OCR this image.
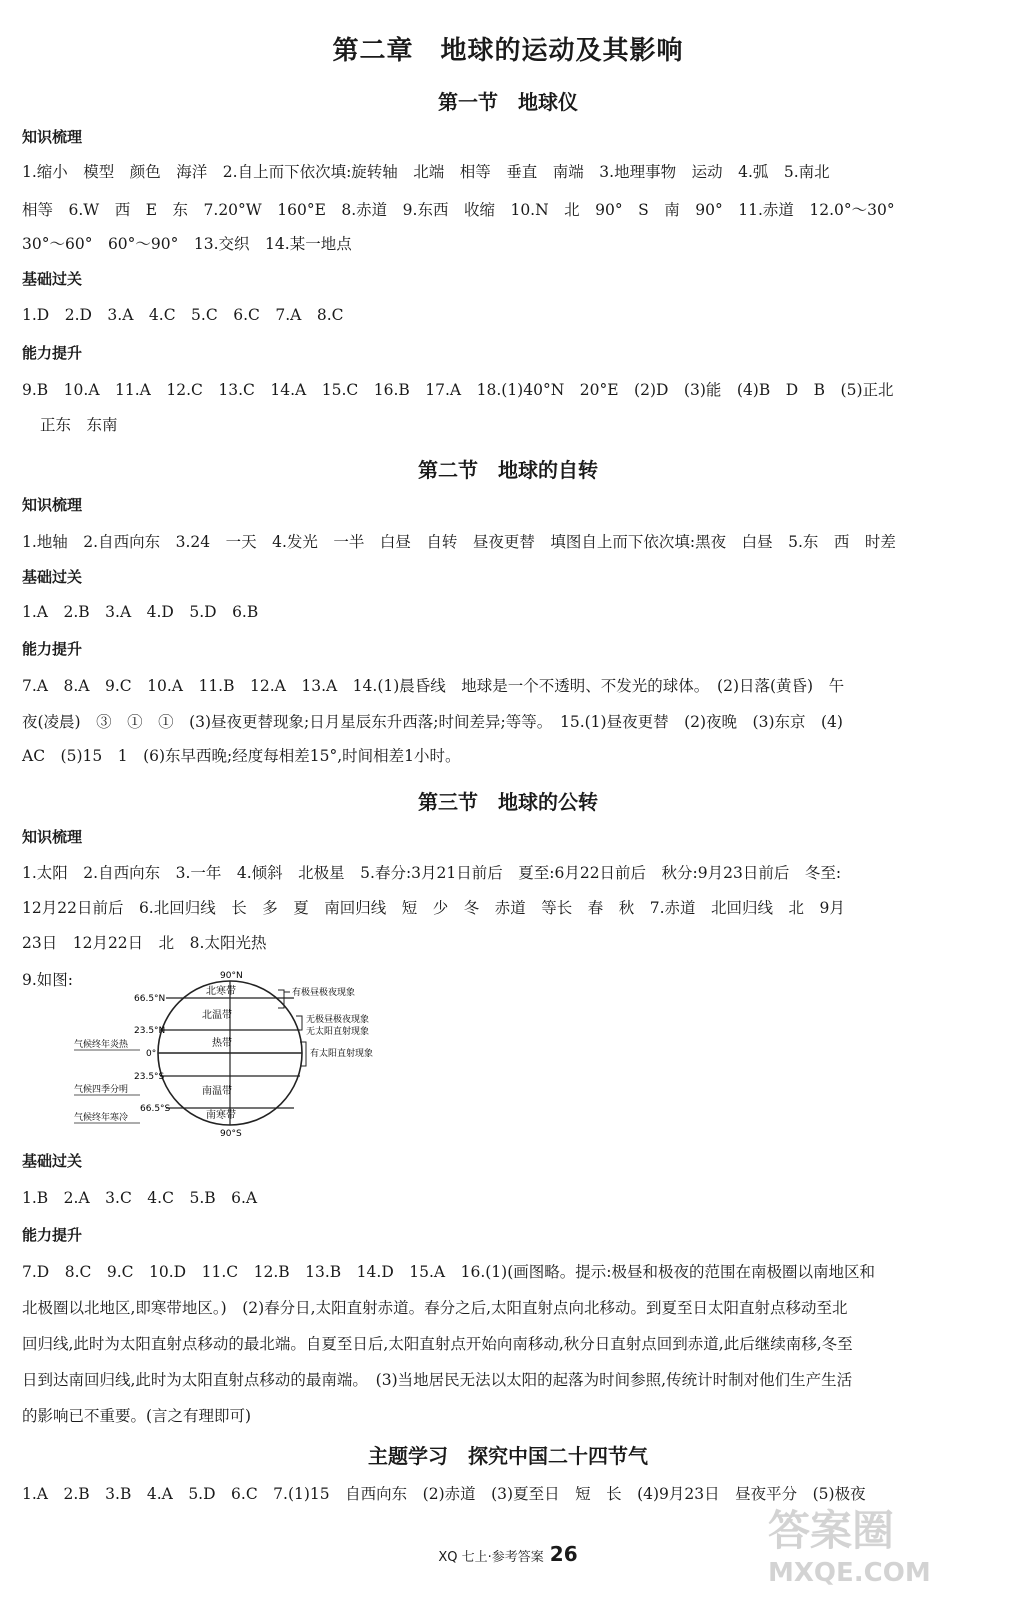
第二章　地球的运动及其影响
第一节　地球仪
知识梳理
1.缩小　模型　颜色　海洋　2.自上而下依次填:旋转轴　北端　相等　垂直　南端　3.地理事物　运动　4.弧　5.南北
相等　6.W　西　E　东　7.20°W　160°E　8.赤道　9.东西　收缩　10.N　北　90°　S　南　90°　11.赤道　12.0°～30°
30°～60°　60°～90°　13.交织　14.某一地点
基础过关
1.D　2.D　3.A　4.C　5.C　6.C　7.A　8.C
能力提升
9.B　10.A　11.A　12.C　13.C　14.A　15.C　16.B　17.A　18.(1)40°N　20°E　(2)D　(3)能　(4)B　D　B　(5)正北
正东　东南
第二节　地球的自转
知识梳理
1.地轴　2.自西向东　3.24　一天　4.发光　一半　白昼　自转　昼夜更替　填图自上而下依次填:黑夜　白昼　5.东　西　时差
基础过关
1.A　2.B　3.A　4.D　5.D　6.B
能力提升
7.A　8.A　9.C　10.A　11.B　12.A　13.A　14.(1)晨昏线　地球是一个不透明、不发光的球体。　(2)日落(黄昏)　午
夜(凌晨)　③　①　①　(3)昼夜更替现象;日月星辰东升西落;时间差异;等等。　15.(1)昼夜更替　(2)夜晚　(3)东京　(4)
AC　(5)15　1　(6)东早西晚;经度每相差15°,时间相差1小时。
第三节　地球的公转
知识梳理
1.太阳　2.自西向东　3.一年　4.倾斜　北极星　5.春分:3月21日前后　夏至:6月22日前后　秋分:9月23日前后　冬至:
12月22日前后　6.北回归线　长　多　夏　南回归线　短　少　冬　赤道　等长　春　秋　7.赤道　北回归线　北　9月
23日　12月22日　北　8.太阳光热
9.如图:	90°N
66.5°N
23.5°N
0°
23.5°S
66.5°S
90°S
北寒带
北温带
热带
南温带
南寒带
有极昼极夜现象
无极昼极夜现象
无太阳直射现象
有太阳直射现象
气候终年炎热
气候四季分明
气候终年寒冷
基础过关
1.B　2.A　3.C　4.C　5.B　6.A
能力提升
7.D　8.C　9.C　10.D　11.C　12.B　13.B　14.D　15.A　16.(1)(画图略。提示:极昼和极夜的范围在南极圈以南地区和
北极圈以北地区,即寒带地区。)　(2)春分日,太阳直射赤道。春分之后,太阳直射点向北移动。到夏至日太阳直射点移动至北
回归线,此时为太阳直射点移动的最北端。自夏至日后,太阳直射点开始向南移动,秋分日直射点回到赤道,此后继续南移,冬至
日到达南回归线,此时为太阳直射点移动的最南端。　(3)当地居民无法以太阳的起落为时间参照,传统计时制对他们生产生活
的影响已不重要。(言之有理即可)
主题学习　探究中国二十四节气
1.A　2.B　3.B　4.A　5.D　6.C　7.(1)15　自西向东　(2)赤道　(3)夏至日　短　长　(4)9月23日　昼夜平分　(5)极夜
XQ 七上·参考答案 26	答案圈
MXQE.COM
